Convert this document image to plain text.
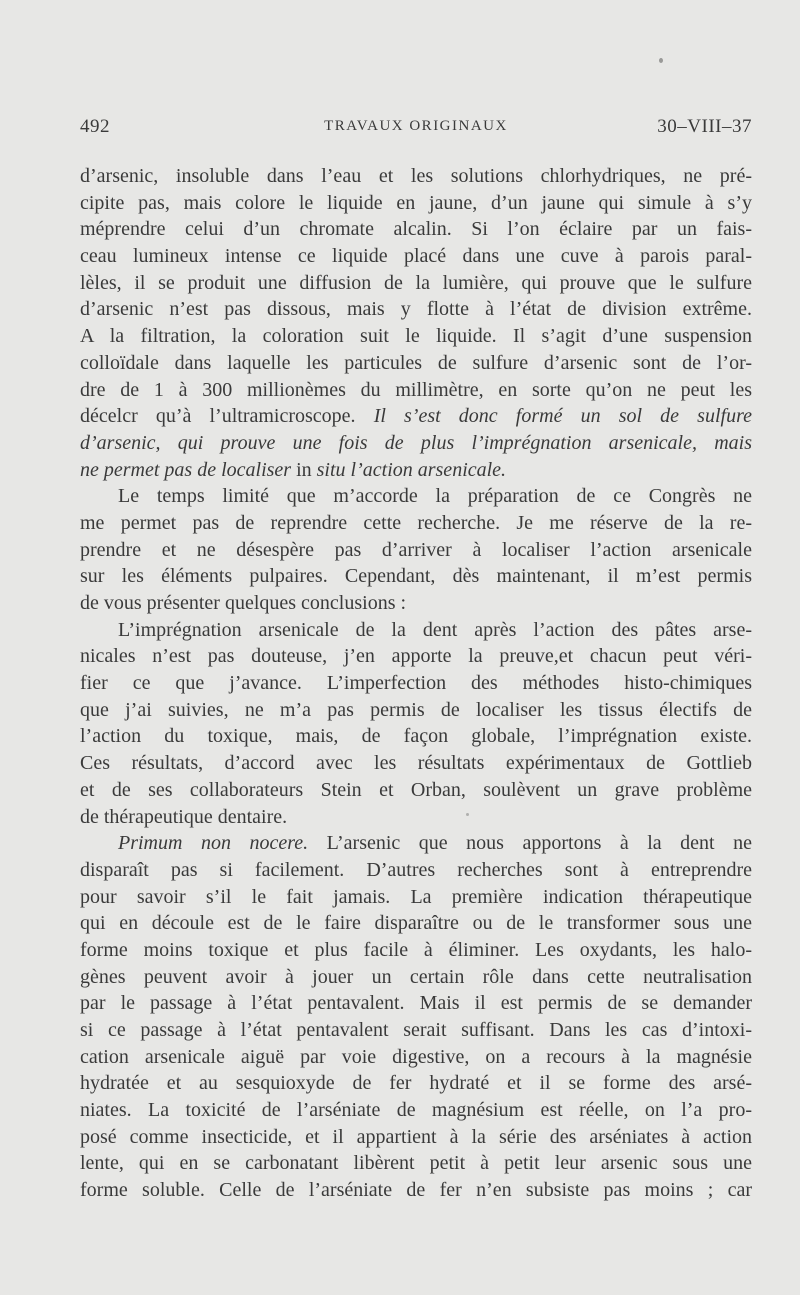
492	TRAVAUX ORIGINAUX	30–VIII–37
d’arsenic, insoluble dans l’eau et les solutions chlorhydriques, ne pré-
cipite pas, mais colore le liquide en jaune, d’un jaune qui simule à s’y
méprendre celui d’un chromate alcalin. Si l’on éclaire par un fais-
ceau lumineux intense ce liquide placé dans une cuve à parois paral-
lèles, il se produit une diffusion de la lumière, qui prouve que le sulfure
d’arsenic n’est pas dissous, mais y flotte à l’état de division extrême.
A la filtration, la coloration suit le liquide. Il s’agit d’une suspension
colloïdale dans laquelle les particules de sulfure d’arsenic sont de l’or-
dre de 1 à 300 millionèmes du millimètre, en sorte qu’on ne peut les
décelcr qu’à l’ultramicroscope. Il s’est donc formé un sol de sulfure
d’arsenic, qui prouve une fois de plus l’imprégnation arsenicale, mais
ne permet pas de localiser in situ l’action arsenicale.
Le temps limité que m’accorde la préparation de ce Congrès ne
me permet pas de reprendre cette recherche. Je me réserve de la re-
prendre et ne désespère pas d’arriver à localiser l’action arsenicale
sur les éléments pulpaires. Cependant, dès maintenant, il m’est permis
de vous présenter quelques conclusions :
L’imprégnation arsenicale de la dent après l’action des pâtes arse-
nicales n’est pas douteuse, j’en apporte la preuve,et chacun peut véri-
fier ce que j’avance. L’imperfection des méthodes histo-chimiques
que j’ai suivies, ne m’a pas permis de localiser les tissus électifs de
l’action du toxique, mais, de façon globale, l’imprégnation existe.
Ces résultats, d’accord avec les résultats expérimentaux de Gottlieb
et de ses collaborateurs Stein et Orban, soulèvent un grave problème
de thérapeutique dentaire.
Primum non nocere. L’arsenic que nous apportons à la dent ne
disparaît pas si facilement. D’autres recherches sont à entreprendre
pour savoir s’il le fait jamais. La première indication thérapeutique
qui en découle est de le faire disparaître ou de le transformer sous une
forme moins toxique et plus facile à éliminer. Les oxydants, les halo-
gènes peuvent avoir à jouer un certain rôle dans cette neutralisation
par le passage à l’état pentavalent. Mais il est permis de se demander
si ce passage à l’état pentavalent serait suffisant. Dans les cas d’intoxi-
cation arsenicale aiguë par voie digestive, on a recours à la magnésie
hydratée et au sesquioxyde de fer hydraté et il se forme des arsé-
niates. La toxicité de l’arséniate de magnésium est réelle, on l’a pro-
posé comme insecticide, et il appartient à la série des arséniates à action
lente, qui en se carbonatant libèrent petit à petit leur arsenic sous une
forme soluble. Celle de l’arséniate de fer n’en subsiste pas moins ; car
